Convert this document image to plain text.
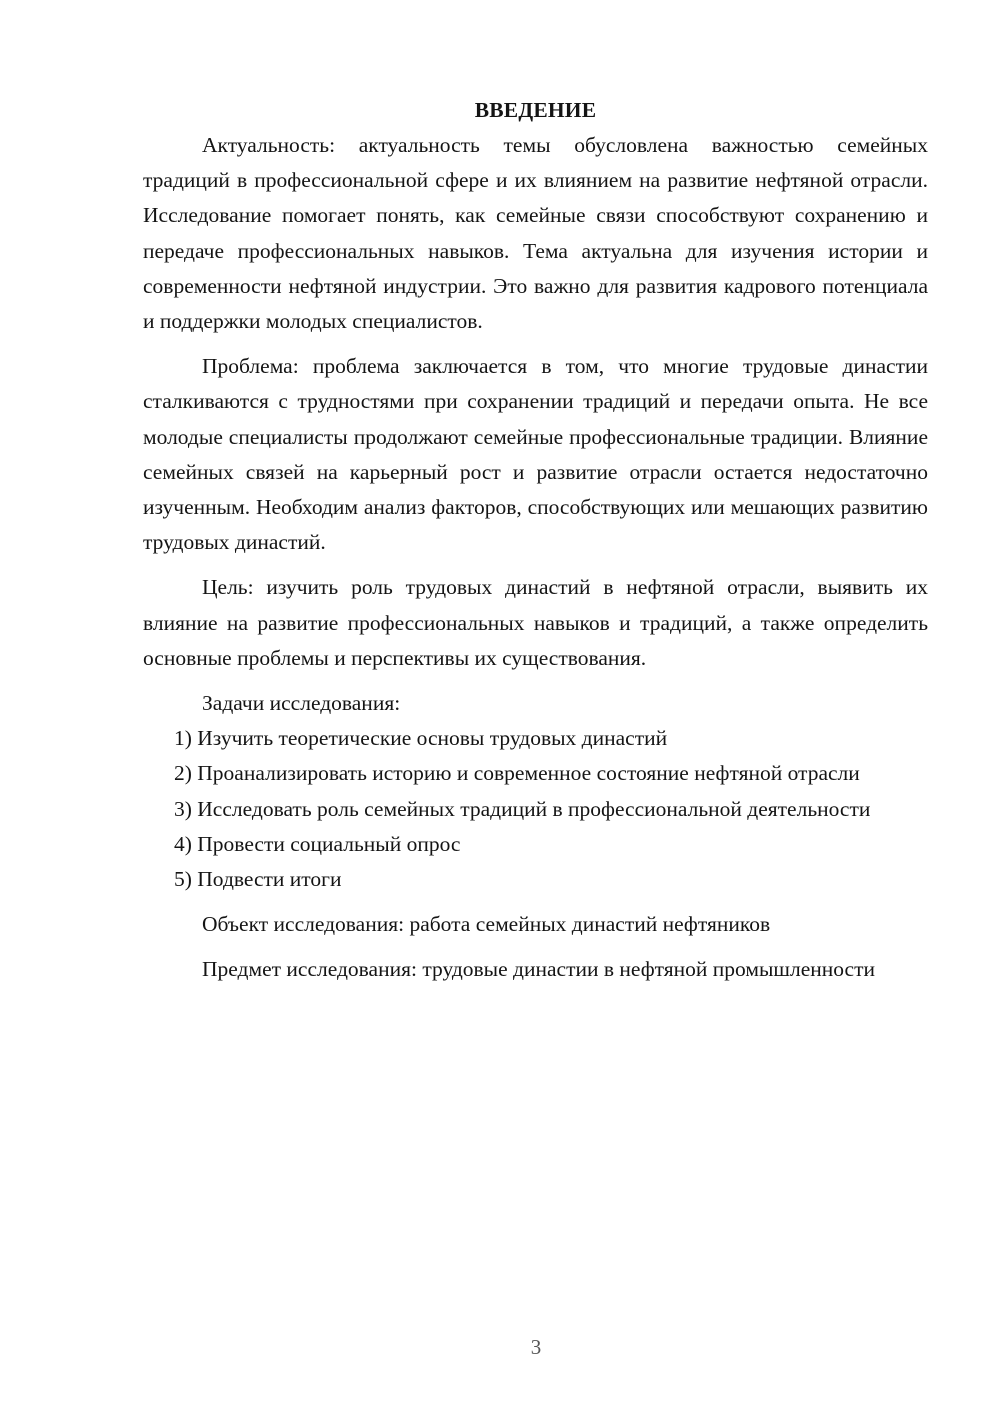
ВВЕДЕНИЕ

Актуальность: актуальность темы обусловлена важностью семейных традиций в профессиональной сфере и их влиянием на развитие нефтяной отрасли. Исследование помогает понять, как семейные связи способствуют сохранению и передаче профессиональных навыков. Тема актуальна для изучения истории и современности нефтяной индустрии. Это важно для развития кадрового потенциала и поддержки молодых специалистов.

Проблема: проблема заключается в том, что многие трудовые династии сталкиваются с трудностями при сохранении традиций и передачи опыта. Не все молодые специалисты продолжают семейные профессиональные традиции. Влияние семейных связей на карьерный рост и развитие отрасли остается недостаточно изученным. Необходим анализ факторов, способствующих или мешающих развитию трудовых династий.

Цель: изучить роль трудовых династий в нефтяной отрасли, выявить их влияние на развитие профессиональных навыков и традиций, а также определить основные проблемы и перспективы их существования.

Задачи исследования:

1) Изучить теоретические основы трудовых династий

2) Проанализировать историю и современное состояние нефтяной отрасли

3) Исследовать роль семейных традиций в профессиональной деятельности

4) Провести социальный опрос

5) Подвести итоги

Объект исследования: работа семейных династий нефтяников

Предмет исследования: трудовые династии в нефтяной промышленности

3
